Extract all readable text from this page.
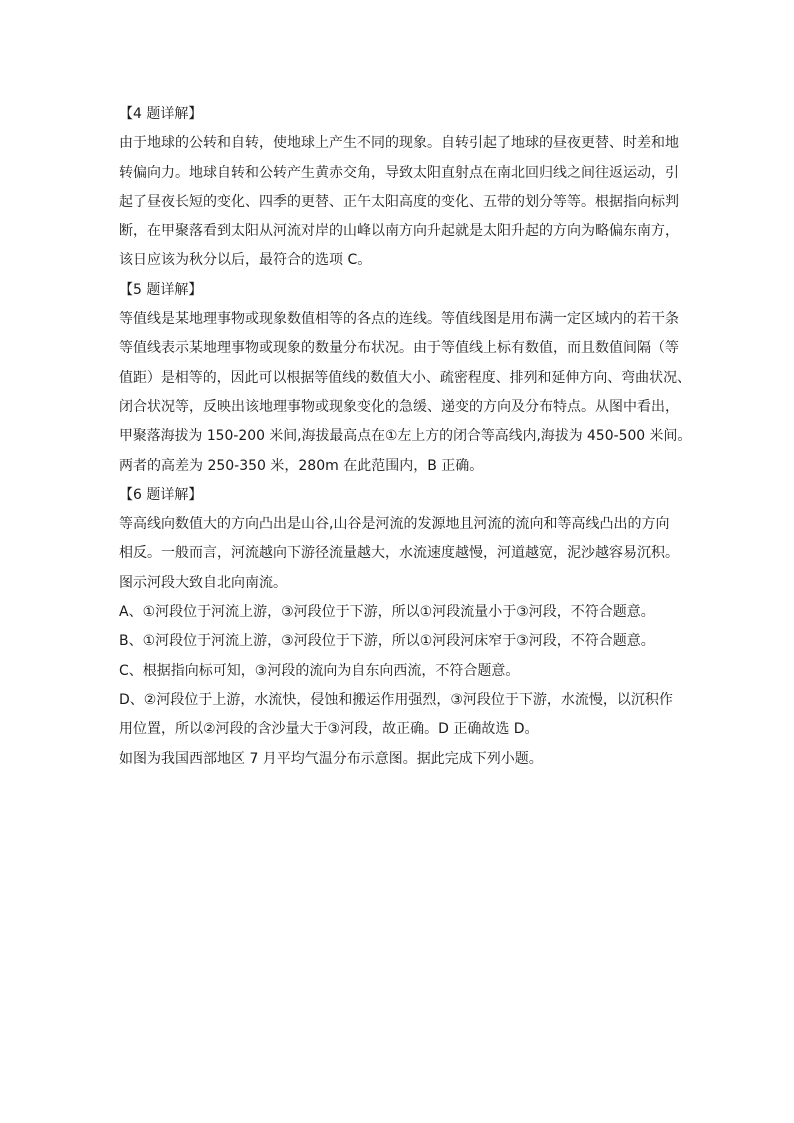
【4 题详解】
由于地球的公转和自转，使地球上产生不同的现象。自转引起了地球的昼夜更替、时差和地
转偏向力。地球自转和公转产生黄赤交角，导致太阳直射点在南北回归线之间往返运动，引
起了昼夜长短的变化、四季的更替、正午太阳高度的变化、五带的划分等等。根据指向标判
断，在甲聚落看到太阳从河流对岸的山峰以南方向升起就是太阳升起的方向为略偏东南方，
该日应该为秋分以后，最符合的选项 C。
【5 题详解】
等值线是某地理事物或现象数值相等的各点的连线。等值线图是用布满一定区域内的若干条
等值线表示某地理事物或现象的数量分布状况。由于等值线上标有数值，而且数值间隔（等
值距）是相等的，因此可以根据等值线的数值大小、疏密程度、排列和延伸方向、弯曲状况、
闭合状况等，反映出该地理事物或现象变化的急缓、递变的方向及分布特点。从图中看出，
甲聚落海拔为 150-200 米间,海拔最高点在①左上方的闭合等高线内,海拔为 450-500 米间。
两者的高差为 250-350 米，280m 在此范围内，B 正确。
【6 题详解】
等高线向数值大的方向凸出是山谷,山谷是河流的发源地且河流的流向和等高线凸出的方向
相反。一般而言，河流越向下游径流量越大，水流速度越慢，河道越宽，泥沙越容易沉积。
图示河段大致自北向南流。
A、①河段位于河流上游，③河段位于下游，所以①河段流量小于③河段，不符合题意。
B、①河段位于河流上游，③河段位于下游，所以①河段河床窄于③河段，不符合题意。
C、根据指向标可知，③河段的流向为自东向西流，不符合题意。
D、②河段位于上游，水流快，侵蚀和搬运作用强烈，③河段位于下游，水流慢，以沉积作
用位置，所以②河段的含沙量大于③河段，故正确。D 正确故选 D。
如图为我国西部地区 7 月平均气温分布示意图。据此完成下列小题。
